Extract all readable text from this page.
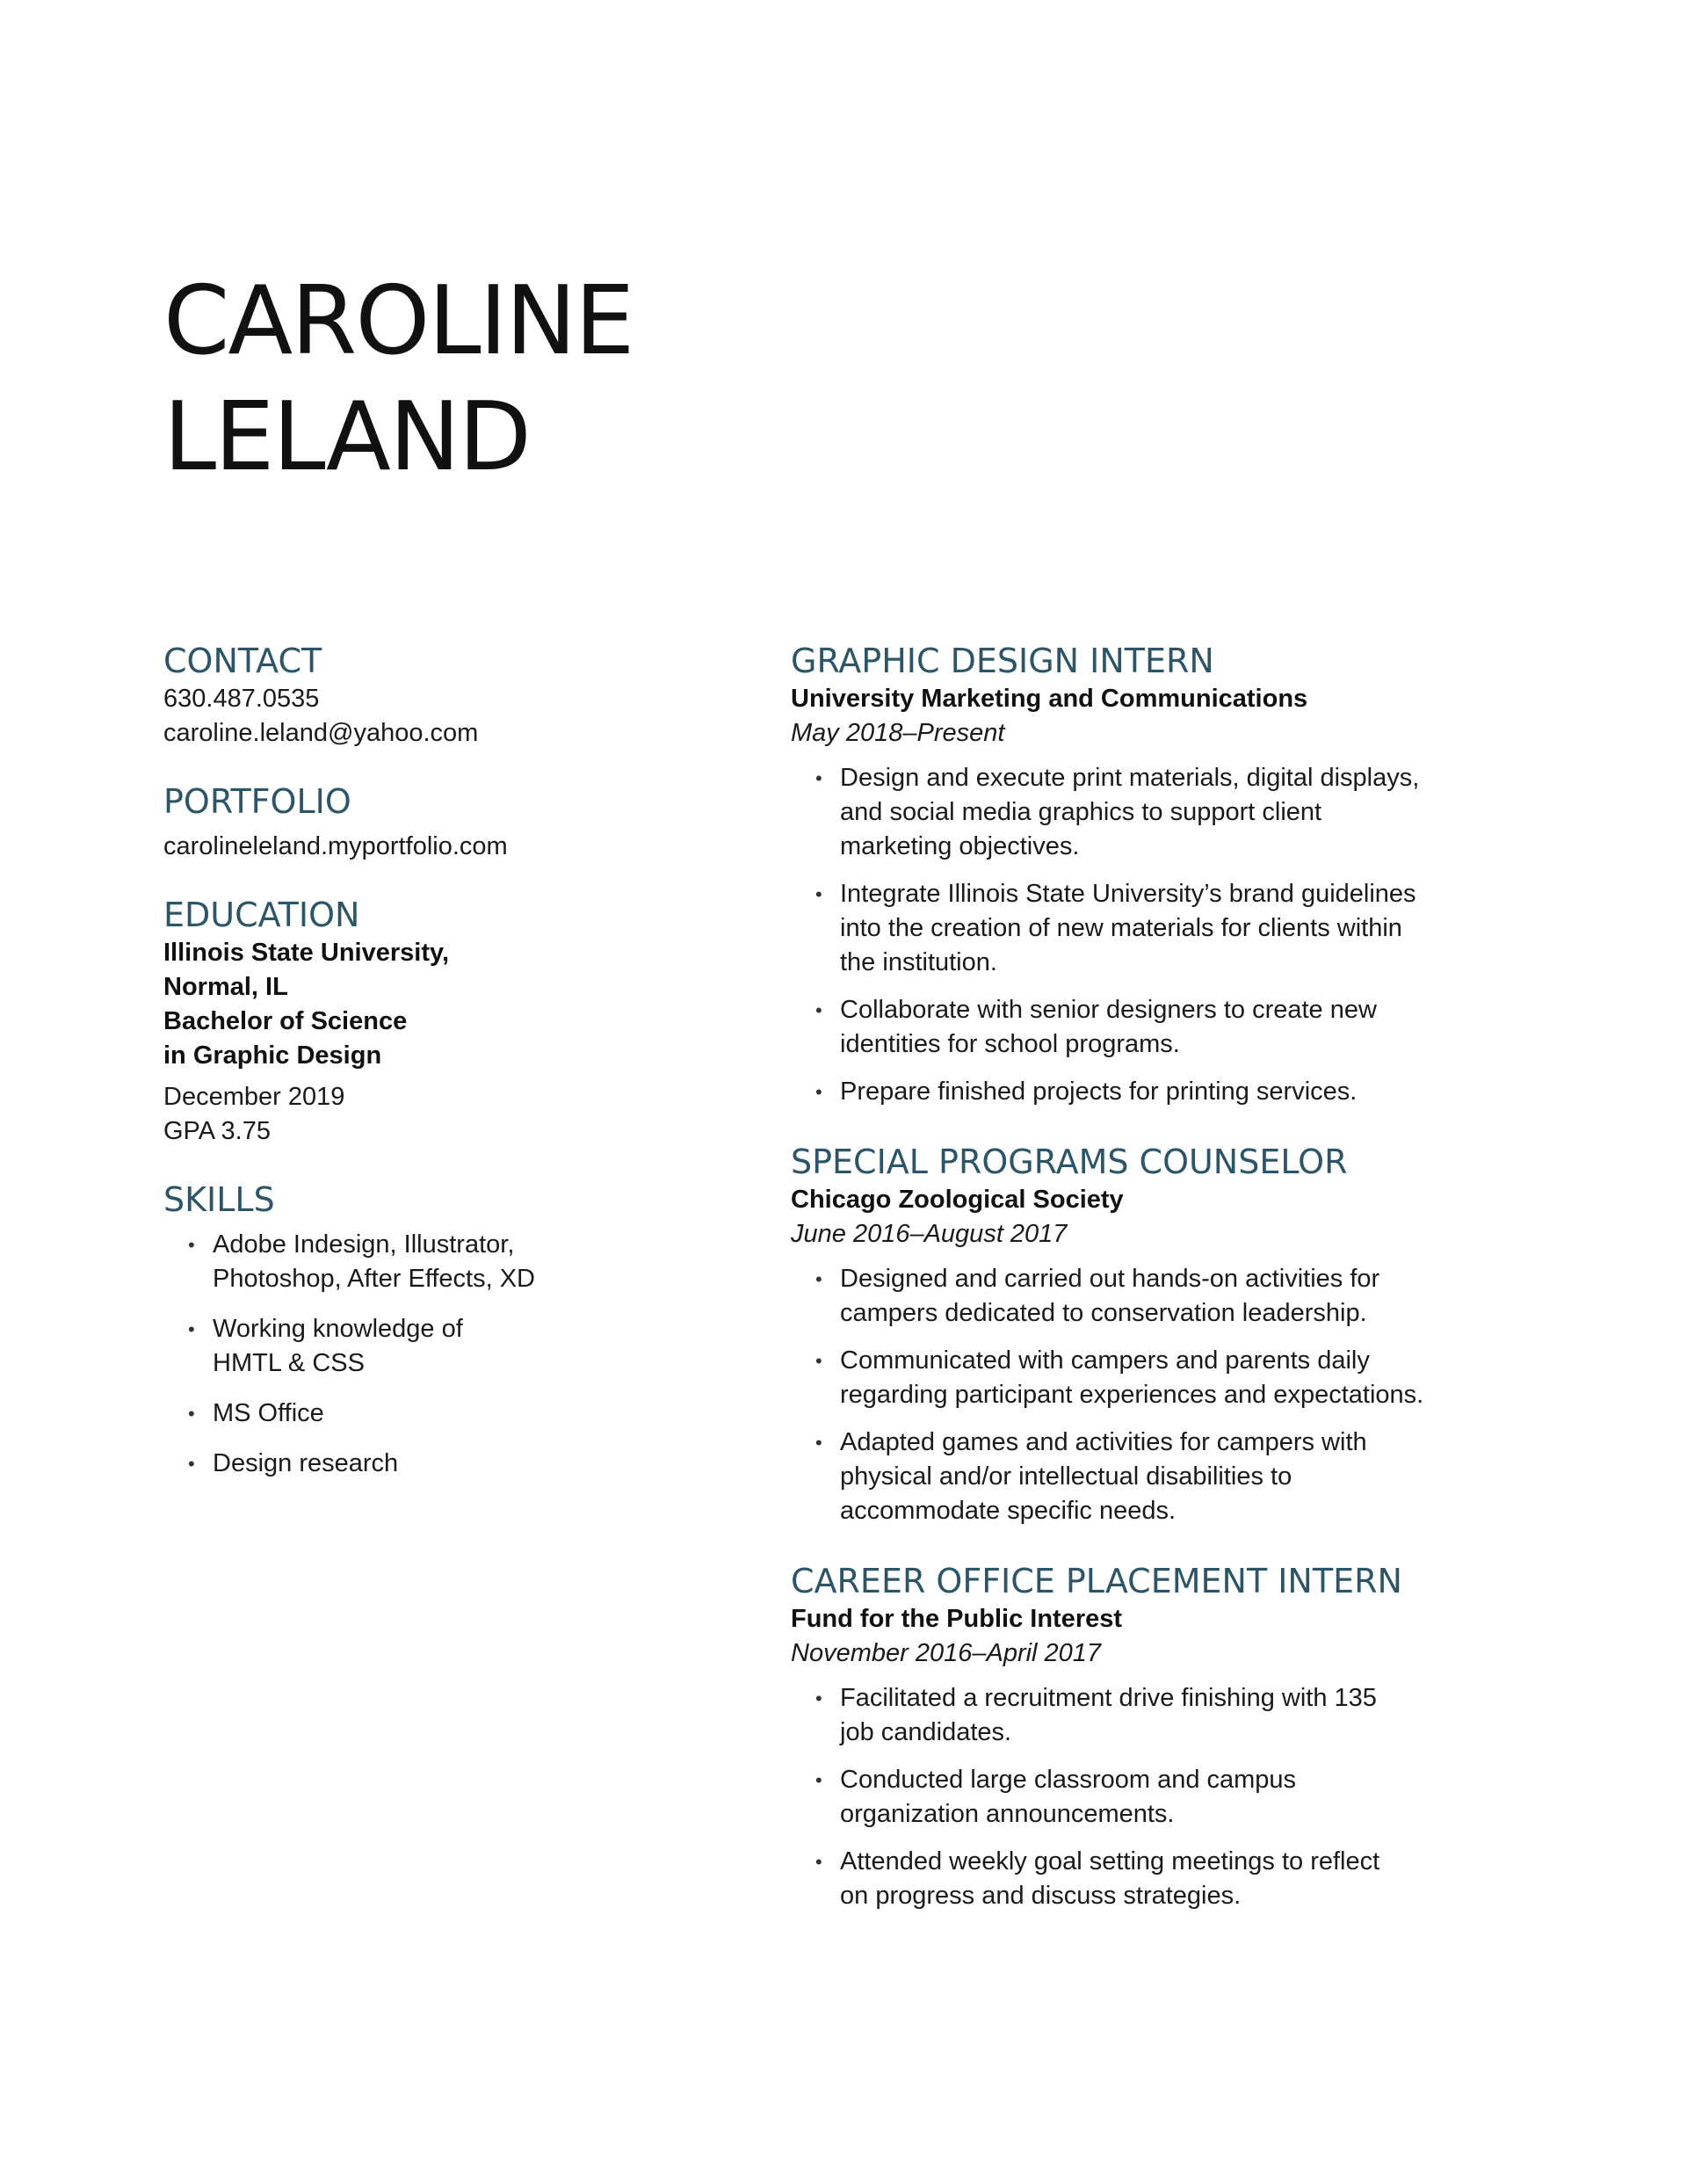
CAROLINE
LELAND
CONTACT
630.487.0535
caroline.leland@yahoo.com
PORTFOLIO
carolineleland.myportfolio.com
EDUCATION
Illinois State University,
Normal, IL
Bachelor of Science
in Graphic Design
December 2019
GPA 3.75
SKILLS
• Adobe Indesign, Illustrator,
Photoshop, After Effects, XD
• Working knowledge of
HMTL & CSS
• MS Office
• Design research
GRAPHIC DESIGN INTERN
University Marketing and Communications
May 2018–Present
• Design and execute print materials, digital displays,
and social media graphics to support client
marketing objectives.
• Integrate Illinois State University’s brand guidelines
into the creation of new materials for clients within
the institution.
• Collaborate with senior designers to create new
identities for school programs.
• Prepare finished projects for printing services.
SPECIAL PROGRAMS COUNSELOR
Chicago Zoological Society
June 2016–August 2017
• Designed and carried out hands-on activities for
campers dedicated to conservation leadership.
• Communicated with campers and parents daily
regarding participant experiences and expectations.
• Adapted games and activities for campers with
physical and/or intellectual disabilities to
accommodate specific needs.
CAREER OFFICE PLACEMENT INTERN
Fund for the Public Interest
November 2016–April 2017
• Facilitated a recruitment drive finishing with 135
job candidates.
• Conducted large classroom and campus
organization announcements.
• Attended weekly goal setting meetings to reflect
on progress and discuss strategies.
